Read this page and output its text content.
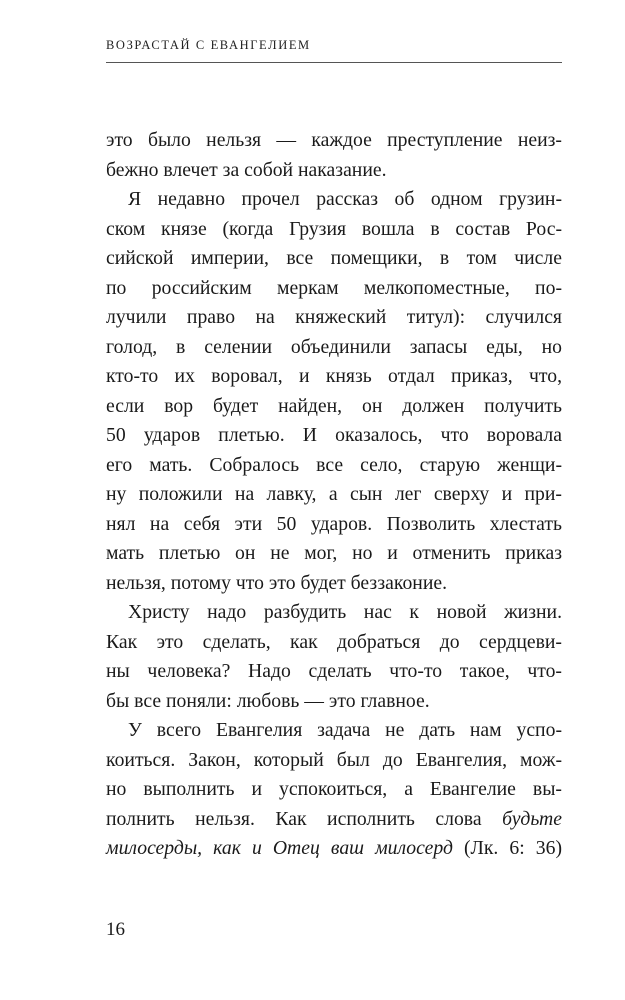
ВОЗРАСТАЙ С ЕВАНГЕЛИЕМ
это было нельзя — каждое преступление неиз-
бежно влечет за собой наказание.
Я недавно прочел рассказ об одном грузин-
ском князе (когда Грузия вошла в состав Рос-
сийской империи, все помещики, в том числе
по российским меркам мелкопоместные, по-
лучили право на княжеский титул): случился
голод, в селении объединили запасы еды, но
кто-то их воровал, и князь отдал приказ, что,
если вор будет найден, он должен получить
50 ударов плетью. И оказалось, что воровала
его мать. Собралось все село, старую женщи-
ну положили на лавку, а сын лег сверху и при-
нял на себя эти 50 ударов. Позволить хлестать
мать плетью он не мог, но и отменить приказ
нельзя, потому что это будет беззаконие.
Христу надо разбудить нас к новой жизни.
Как это сделать, как добраться до сердцеви-
ны человека? Надо сделать что-то такое, что-
бы все поняли: любовь — это главное.
У всего Евангелия задача не дать нам успо-
коиться. Закон, который был до Евангелия, мож-
но выполнить и успокоиться, а Евангелие вы-
полнить нельзя. Как исполнить слова будьте
милосерды, как и Отец ваш милосерд (Лк. 6: 36)
16
